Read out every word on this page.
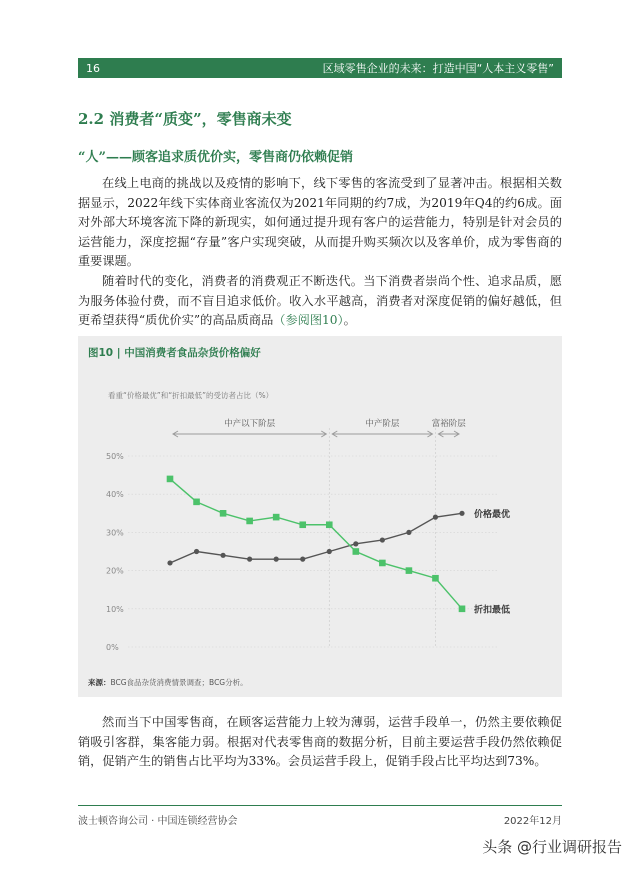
16	区域零售企业的未来：打造中国“人本主义零售”
2.2 消费者“质变”，零售商未变
“人”——顾客追求质优价实，零售商仍依赖促销
在线上电商的挑战以及疫情的影响下，线下零售的客流受到了显著冲击。根据相关数据显示，2022年线下实体商业客流仅为2021年同期的约7成，为2019年Q4的约6成。面对外部大环境客流下降的新现实，如何通过提升现有客户的运营能力，特别是针对会员的运营能力，深度挖掘“存量”客户实现突破，从而提升购买频次以及客单价，成为零售商的重要课题。
随着时代的变化，消费者的消费观正不断迭代。当下消费者崇尚个性、追求品质，愿为服务体验付费，而不盲目追求低价。收入水平越高，消费者对深度促销的偏好越低，但更希望获得“质优价实”的高品质商品（参阅图10）。
图10 | 中国消费者食品杂货价格偏好
看重“价格最优”和“折扣最低”的受访者占比（%）
0%
10%
20%
30%
40%
50%
中产以下阶层	中产阶层	富裕阶层
价格最优
折扣最低
来源：BCG食品杂货消费情景调查；BCG分析。
然而当下中国零售商，在顾客运营能力上较为薄弱，运营手段单一，仍然主要依赖促销吸引客群，集客能力弱。根据对代表零售商的数据分析，目前主要运营手段仍然依赖促销，促销产生的销售占比平均为33%。会员运营手段上，促销手段占比平均达到73%。
波士顿咨询公司 · 中国连锁经营协会	2022年12月
头条 @行业调研报告
